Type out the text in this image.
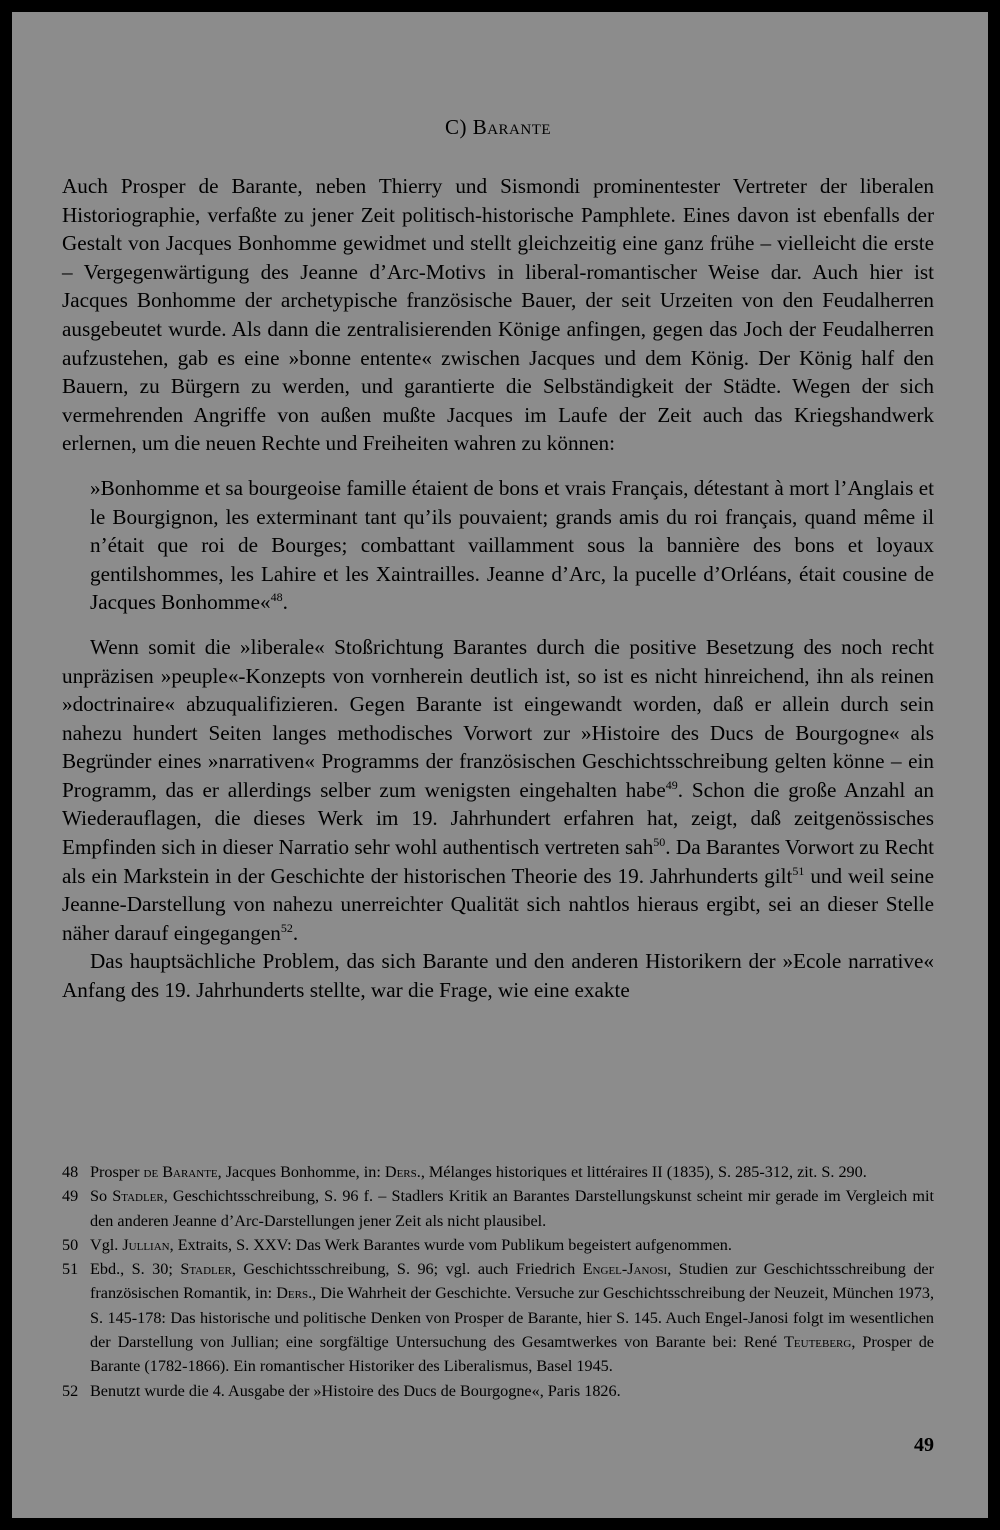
C) Barante

Auch Prosper de Barante, neben Thierry und Sismondi prominentester Vertreter der liberalen Historiographie, verfaßte zu jener Zeit politisch-historische Pamphlete. Eines davon ist ebenfalls der Gestalt von Jacques Bonhomme gewidmet und stellt gleichzeitig eine ganz frühe – vielleicht die erste – Vergegenwärtigung des Jeanne d’Arc-Motivs in liberal-romantischer Weise dar. Auch hier ist Jacques Bonhomme der archetypische französische Bauer, der seit Urzeiten von den Feudalherren ausgebeutet wurde. Als dann die zentralisierenden Könige anfingen, gegen das Joch der Feudalherren aufzustehen, gab es eine »bonne entente« zwischen Jacques und dem König. Der König half den Bauern, zu Bürgern zu werden, und garantierte die Selbständigkeit der Städte. Wegen der sich vermehrenden Angriffe von außen mußte Jacques im Laufe der Zeit auch das Kriegshandwerk erlernen, um die neuen Rechte und Freiheiten wahren zu können:

»Bonhomme et sa bourgeoise famille étaient de bons et vrais Français, détestant à mort l’Anglais et le Bourgignon, les exterminant tant qu’ils pouvaient; grands amis du roi français, quand même il n’était que roi de Bourges; combattant vaillamment sous la bannière des bons et loyaux gentilshommes, les Lahire et les Xaintrailles. Jeanne d’Arc, la pucelle d’Orléans, était cousine de Jacques Bonhomme«$^{48}$.

Wenn somit die »liberale« Stoßrichtung Barantes durch die positive Besetzung des noch recht unpräzisen »peuple«-Konzepts von vornherein deutlich ist, so ist es nicht hinreichend, ihn als reinen »doctrinaire« abzuqualifizieren. Gegen Barante ist eingewandt worden, daß er allein durch sein nahezu hundert Seiten langes methodisches Vorwort zur »Histoire des Ducs de Bourgogne« als Begründer eines »narrativen« Programms der französischen Geschichtsschreibung gelten könne – ein Programm, das er allerdings selber zum wenigsten eingehalten habe$^{49}$. Schon die große Anzahl an Wiederauflagen, die dieses Werk im 19. Jahrhundert erfahren hat, zeigt, daß zeitgenössisches Empfinden sich in dieser Narratio sehr wohl authentisch vertreten sah$^{50}$. Da Barantes Vorwort zu Recht als ein Markstein in der Geschichte der historischen Theorie des 19. Jahrhunderts gilt$^{51}$ und weil seine Jeanne-Darstellung von nahezu unerreichter Qualität sich nahtlos hieraus ergibt, sei an dieser Stelle näher darauf eingegangen$^{52}$.

Das hauptsächliche Problem, das sich Barante und den anderen Historikern der »Ecole narrative« Anfang des 19. Jahrhunderts stellte, war die Frage, wie eine exakte

48 Prosper de Barante, Jacques Bonhomme, in: Ders., Mélanges historiques et littéraires II (1835), S. 285-312, zit. S. 290.
49 So Stadler, Geschichtsschreibung, S. 96 f. – Stadlers Kritik an Barantes Darstellungskunst scheint mir gerade im Vergleich mit den anderen Jeanne d’Arc-Darstellungen jener Zeit als nicht plausibel.
50 Vgl. Jullian, Extraits, S. XXV: Das Werk Barantes wurde vom Publikum begeistert aufgenommen.
51 Ebd., S. 30; Stadler, Geschichtsschreibung, S. 96; vgl. auch Friedrich Engel-Janosi, Studien zur Geschichtsschreibung der französischen Romantik, in: Ders., Die Wahrheit der Geschichte. Versuche zur Geschichtsschreibung der Neuzeit, München 1973, S. 145-178: Das historische und politische Denken von Prosper de Barante, hier S. 145. Auch Engel-Janosi folgt im wesentlichen der Darstellung von Jullian; eine sorgfältige Untersuchung des Gesamtwerkes von Barante bei: René Teuteberg, Prosper de Barante (1782-1866). Ein romantischer Historiker des Liberalismus, Basel 1945.
52 Benutzt wurde die 4. Ausgabe der »Histoire des Ducs de Bourgogne«, Paris 1826.
49
